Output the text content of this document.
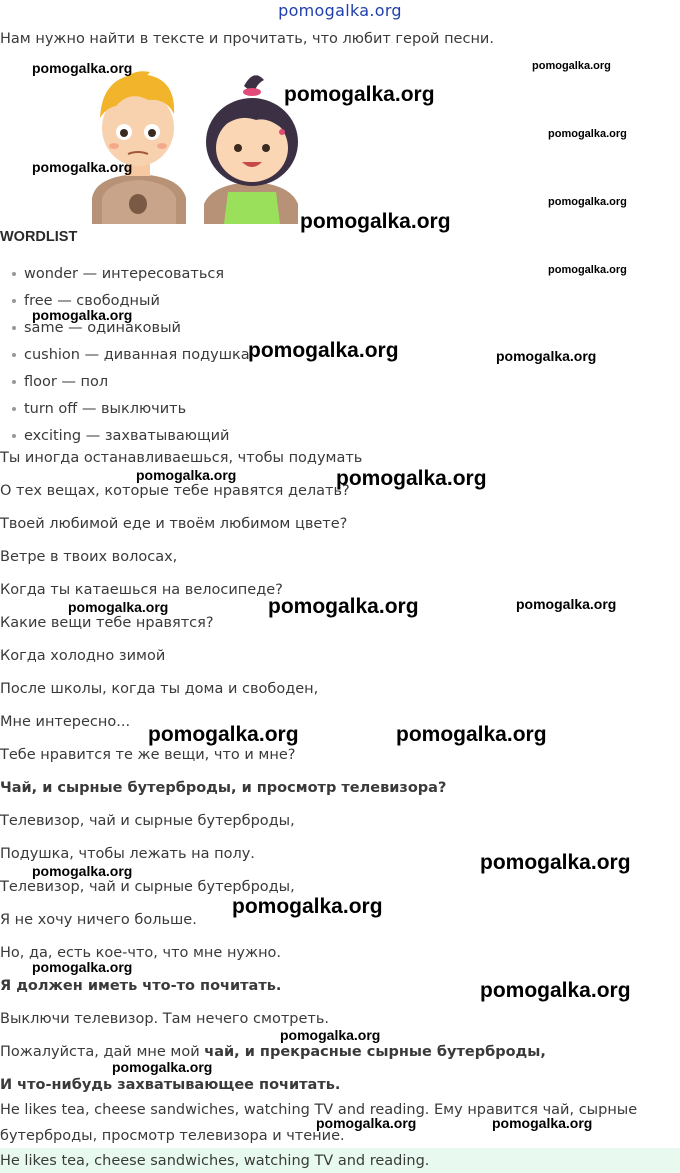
pomogalka.org

Нам нужно найти в тексте и прочитать, что любит герой песни.

WORDLIST
wonder — интересоваться
free — свободный
same — одинаковый
cushion — диванная подушка
floor — пол
turn off — выключить
exciting — захватывающий

Ты иногда останавливаешься, чтобы подумать

О тех вещах, которые тебе нравятся делать?

Твоей любимой еде и твоём любимом цвете?

Ветре в твоих волосах,

Когда ты катаешься на велосипеде?

Какие вещи тебе нравятся?

Когда холодно зимой

После школы, когда ты дома и свободен,

Мне интересно...

Тебе нравится те же вещи, что и мне?

Чай, и сырные бутерброды, и просмотр телевизора?

Телевизор, чай и сырные бутерброды,

Подушка, чтобы лежать на полу.

Телевизор, чай и сырные бутерброды,

Я не хочу ничего больше.

Но, да, есть кое-что, что мне нужно.

Я должен иметь что-то почитать.

Выключи телевизор. Там нечего смотреть.

Пожалуйста, дай мне мой чай, и прекрасные сырные бутерброды,

И что-нибудь захватывающее почитать.

He likes tea, cheese sandwiches, watching TV and reading. Ему нравится чай, сырные

бутерброды, просмотр телевизора и чтение.

He likes tea, cheese sandwiches, watching TV and reading.

pomogalka.org	pomogalka.org
pomogalka.org
pomogalka.org
pomogalka.org
pomogalka.org
pomogalka.org
pomogalka.org
pomogalka.org
pomogalka.org	pomogalka.org
pomogalka.org	pomogalka.org
pomogalka.org	pomogalka.org	pomogalka.org
pomogalka.org	pomogalka.org
pomogalka.org
pomogalka.org
pomogalka.org
pomogalka.org
pomogalka.org
pomogalka.org
pomogalka.org
pomogalka.org	pomogalka.org
